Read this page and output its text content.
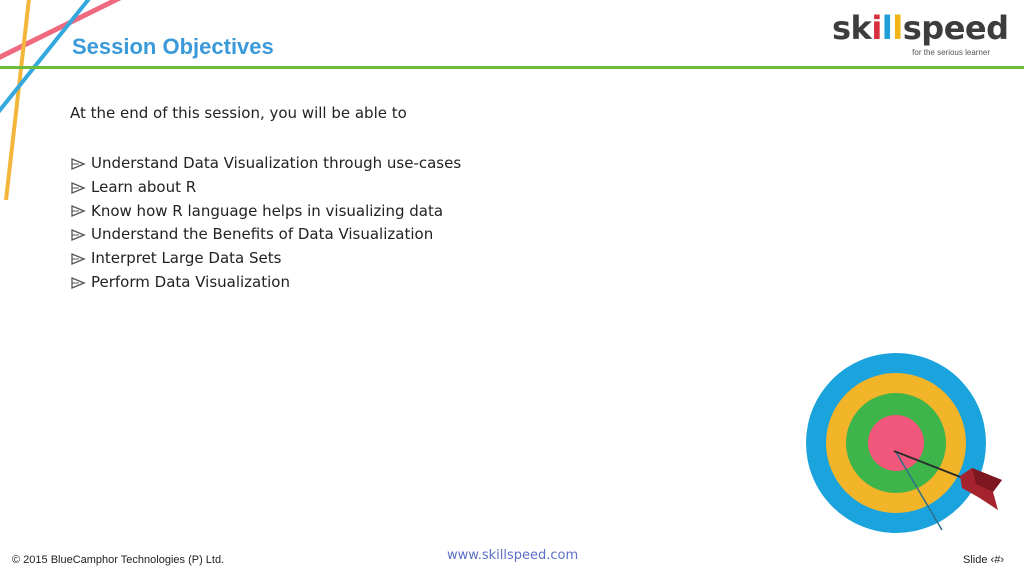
Session Objectives	skillspeed
for the serious learner

At the end of this session, you will be able to

Understand Data Visualization through use-cases
Learn about R
Know how R language helps in visualizing data
Understand the Benefits of Data Visualization
Interpret Large Data Sets
Perform Data Visualization
© 2015 BlueCamphor Technologies (P) Ltd.	www.skillspeed.com	Slide ‹#›
